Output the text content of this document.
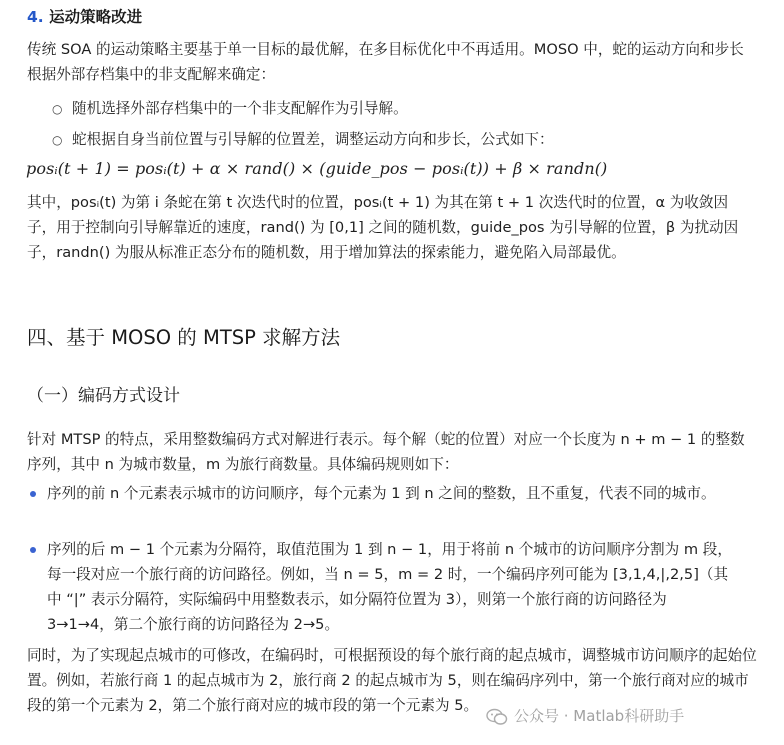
4. 运动策略改进
传统 SOA 的运动策略主要基于单一目标的最优解，在多目标优化中不再适用。MOSO 中，蛇的运动方向和步长根据外部存档集中的非支配解来确定：
○ 随机选择外部存档集中的一个非支配解作为引导解。
○ 蛇根据自身当前位置与引导解的位置差，调整运动方向和步长，公式如下：
posᵢ(t + 1) = posᵢ(t) + α × rand() × (guide_pos − posᵢ(t)) + β × randn()
其中，posᵢ(t) 为第 i 条蛇在第 t 次迭代时的位置，posᵢ(t + 1) 为其在第 t + 1 次迭代时的位置，α 为收敛因子，用于控制向引导解靠近的速度，rand() 为 [0,1] 之间的随机数，guide_pos 为引导解的位置，β 为扰动因子，randn() 为服从标准正态分布的随机数，用于增加算法的探索能力，避免陷入局部最优。
四、基于 MOSO 的 MTSP 求解方法
（一）编码方式设计
针对 MTSP 的特点，采用整数编码方式对解进行表示。每个解（蛇的位置）对应一个长度为 n + m − 1 的整数序列，其中 n 为城市数量，m 为旅行商数量。具体编码规则如下：
序列的前 n 个元素表示城市的访问顺序，每个元素为 1 到 n 之间的整数，且不重复，代表不同的城市。
序列的后 m − 1 个元素为分隔符，取值范围为 1 到 n − 1，用于将前 n 个城市的访问顺序分割为 m 段，每一段对应一个旅行商的访问路径。例如，当 n = 5，m = 2 时，一个编码序列可能为 [3,1,4,|,2,5]（其中 “|” 表示分隔符，实际编码中用整数表示，如分隔符位置为 3），则第一个旅行商的访问路径为 3→1→4，第二个旅行商的访问路径为 2→5。
同时，为了实现起点城市的可修改，在编码时，可根据预设的每个旅行商的起点城市，调整城市访问顺序的起始位置。例如，若旅行商 1 的起点城市为 2，旅行商 2 的起点城市为 5，则在编码序列中，第一个旅行商对应的城市段的第一个元素为 2，第二个旅行商对应的城市段的第一个元素为 5。
公众号 · Matlab科研助手
